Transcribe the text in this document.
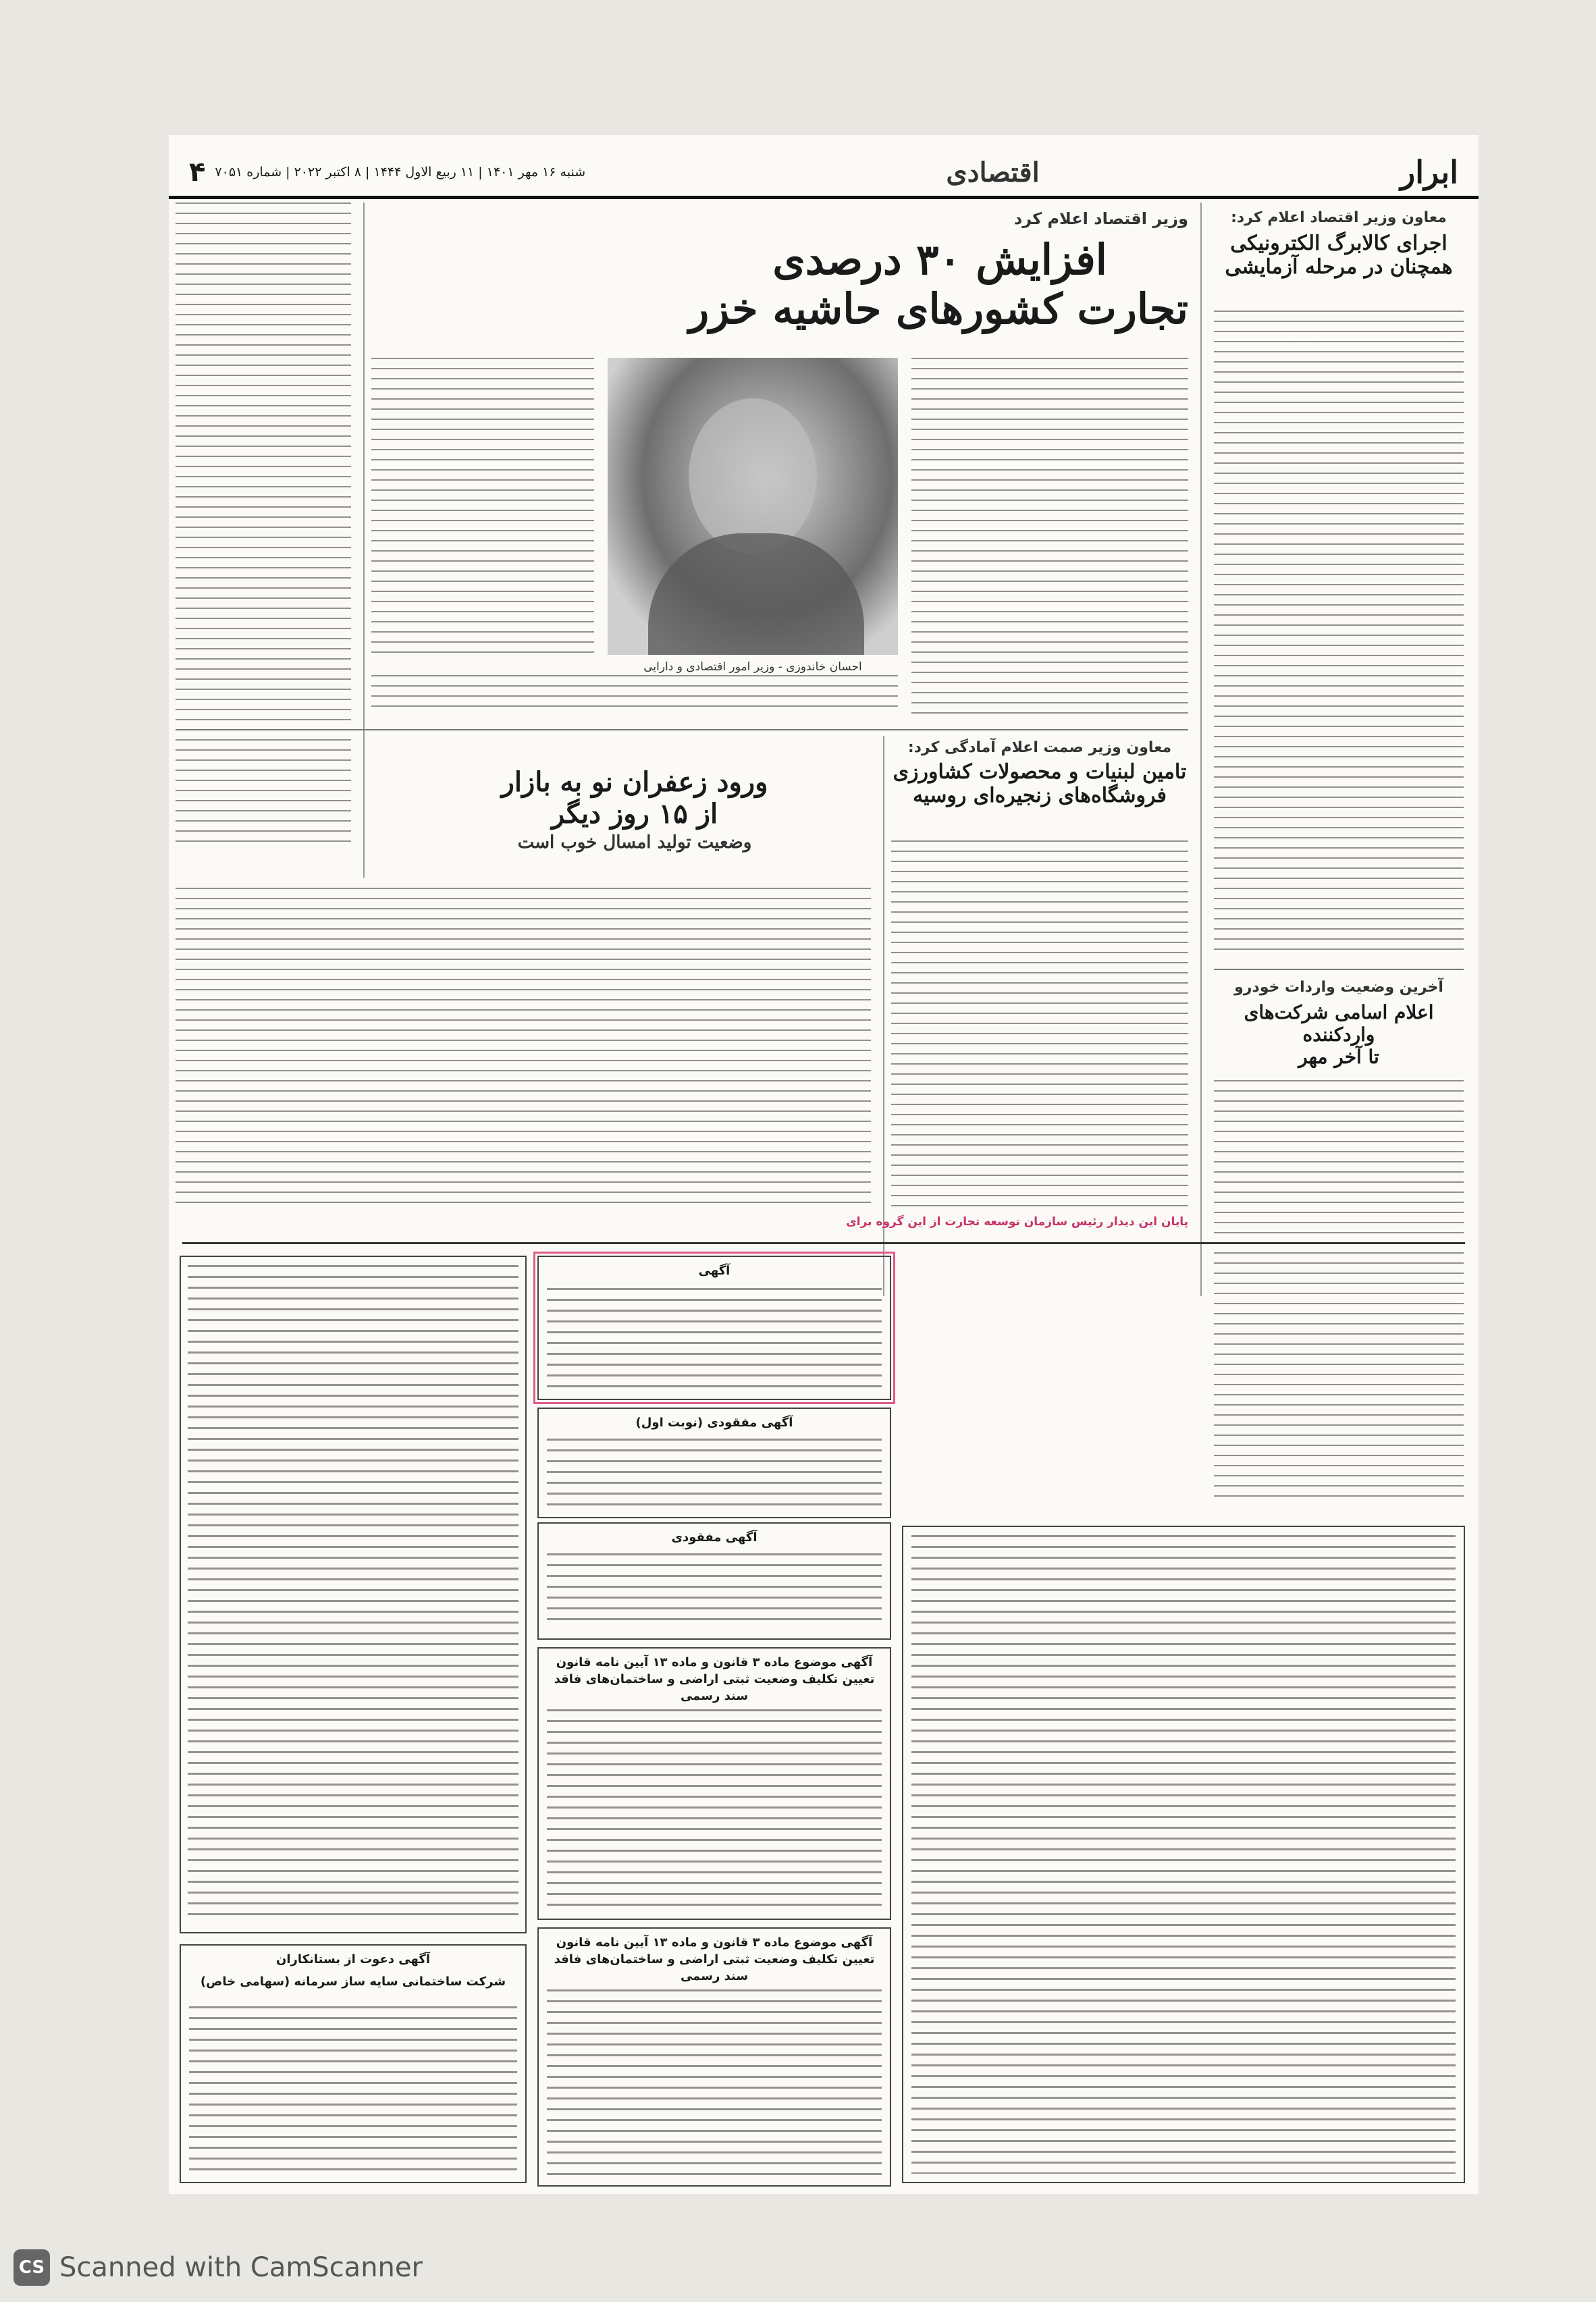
ابرار
اقتصادی
شنبه ۱۶ مهر ۱۴۰۱ | ۱۱ ربیع الاول ۱۴۴۴ | ۸ اکتبر ۲۰۲۲ | شماره ۷۰۵۱
۴
معاون وزیر اقتصاد اعلام کرد:
اجرای کالابرگ الکترونیکی
همچنان در مرحله آزمایشی
آخرین وضعیت واردات خودرو
اعلام اسامی شرکت‌های واردکننده
تا آخر مهر
وزیر اقتصاد اعلام کرد
افزایش ۳۰ درصدی
تجارت کشورهای حاشیه خزر
احسان خاندوزی - وزیر امور اقتصادی و دارایی
معاون وزیر صمت اعلام آمادگی کرد:
تامین لبنیات و محصولات کشاورزی
فروشگاه‌های زنجیره‌ای روسیه
ورود زعفران نو به بازار
از ۱۵ روز دیگر
وضعیت تولید امسال خوب است
پایان این دیدار رئیس سازمان توسعه تجارت از این گروه برای
آگهی
آگهی مفقودی (نوبت اول)
آگهی مفقودی
آگهی موضوع ماده ۳ قانون و ماده ۱۳ آیین نامه قانون تعیین تکلیف وضعیت ثبتی اراضی و ساختمان‌های فاقد سند رسمی
آگهی موضوع ماده ۳ قانون و ماده ۱۳ آیین نامه قانون تعیین تکلیف وضعیت ثبتی اراضی و ساختمان‌های فاقد سند رسمی
آگهی دعوت از بستانکاران
شرکت ساختمانی سایه ساز سرمانه (سهامی خاص)
CS Scanned with CamScanner
